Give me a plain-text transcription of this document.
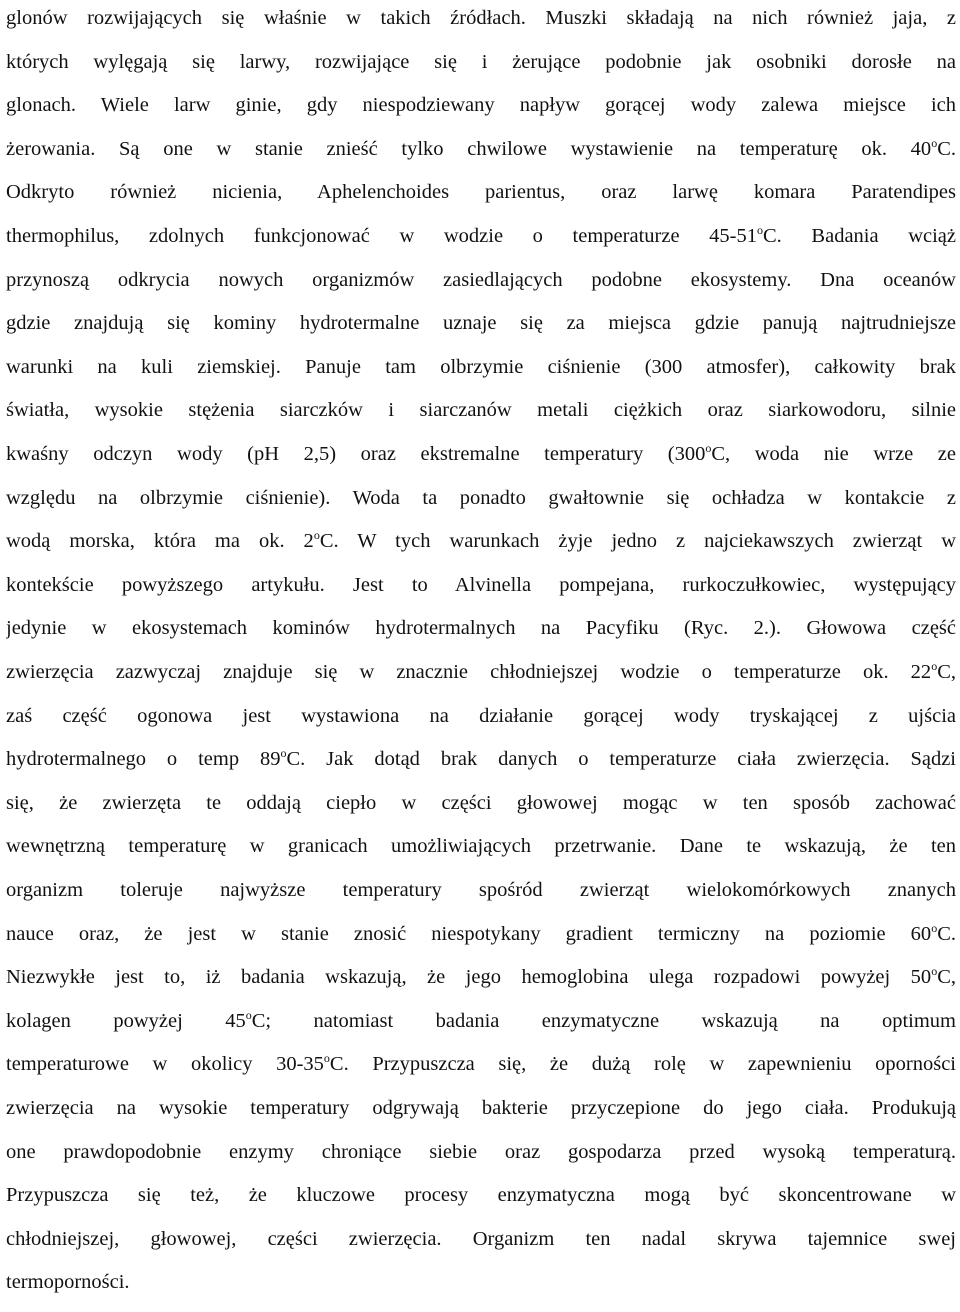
glonów rozwijających się właśnie w takich źródłach. Muszki składają na nich również jaja, z
których wylęgają się larwy, rozwijające się i żerujące podobnie jak osobniki dorosłe na
glonach. Wiele larw ginie, gdy niespodziewany napływ gorącej wody zalewa miejsce ich
żerowania. Są one w stanie znieść tylko chwilowe wystawienie na temperaturę ok. 40$^o$C.
Odkryto również nicienia, Aphelenchoides parientus, oraz larwę komara Paratendipes
thermophilus, zdolnych funkcjonować w wodzie o temperaturze 45-51$^o$C. Badania wciąż
przynoszą odkrycia nowych organizmów zasiedlających podobne ekosystemy. Dna oceanów
gdzie znajdują się kominy hydrotermalne uznaje się za miejsca gdzie panują najtrudniejsze
warunki na kuli ziemskiej. Panuje tam olbrzymie ciśnienie (300 atmosfer), całkowity brak
światła, wysokie stężenia siarczków i siarczanów metali ciężkich oraz siarkowodoru, silnie
kwaśny odczyn wody (pH 2,5) oraz ekstremalne temperatury (300$^o$C, woda nie wrze ze
względu na olbrzymie ciśnienie). Woda ta ponadto gwałtownie się ochładza w kontakcie z
wodą morska, która ma ok. 2$^o$C. W tych warunkach żyje jedno z najciekawszych zwierząt w
kontekście powyższego artykułu. Jest to Alvinella pompejana, rurkoczułkowiec, występujący
jedynie w ekosystemach kominów hydrotermalnych na Pacyfiku (Ryc. 2.). Głowowa część
zwierzęcia zazwyczaj znajduje się w znacznie chłodniejszej wodzie o temperaturze ok. 22$^o$C,
zaś część ogonowa jest wystawiona na działanie gorącej wody tryskającej z ujścia
hydrotermalnego o temp 89$^o$C. Jak dotąd brak danych o temperaturze ciała zwierzęcia. Sądzi
się, że zwierzęta te oddają ciepło w części głowowej mogąc w ten sposób zachować
wewnętrzną temperaturę w granicach umożliwiających przetrwanie. Dane te wskazują, że ten
organizm toleruje najwyższe temperatury spośród zwierząt wielokomórkowych znanych
nauce oraz, że jest w stanie znosić niespotykany gradient termiczny na poziomie 60$^o$C.
Niezwykłe jest to, iż badania wskazują, że jego hemoglobina ulega rozpadowi powyżej 50$^o$C,
kolagen powyżej 45$^o$C; natomiast badania enzymatyczne wskazują na optimum
temperaturowe w okolicy 30-35$^o$C. Przypuszcza się, że dużą rolę w zapewnieniu oporności
zwierzęcia na wysokie temperatury odgrywają bakterie przyczepione do jego ciała. Produkują
one prawdopodobnie enzymy chroniące siebie oraz gospodarza przed wysoką temperaturą.
Przypuszcza się też, że kluczowe procesy enzymatyczna mogą być skoncentrowane w
chłodniejszej, głowowej, części zwierzęcia. Organizm ten nadal skrywa tajemnice swej
termoporności.
